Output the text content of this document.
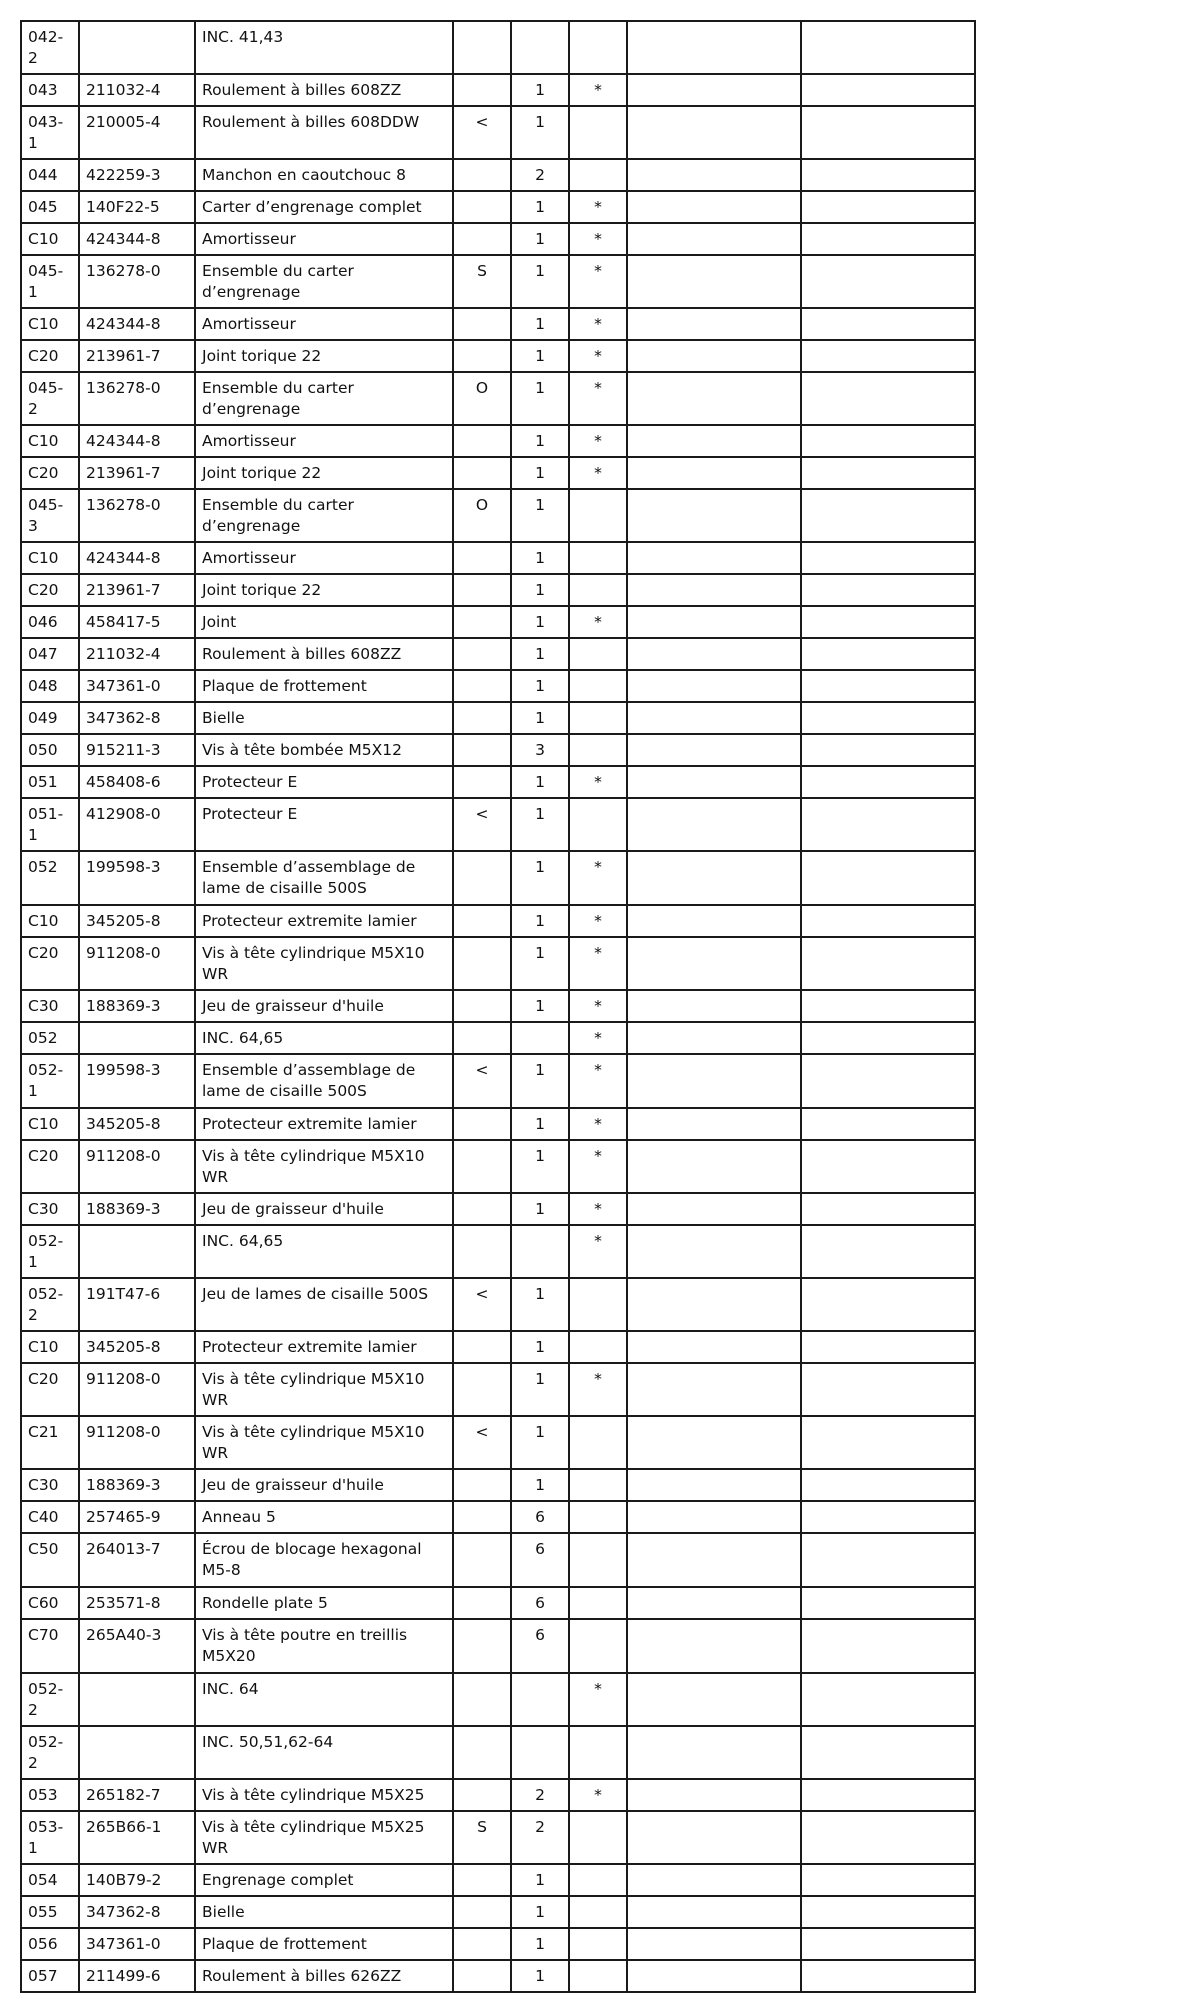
042-2		INC. 41,43					
043	211032-4	Roulement à billes 608ZZ		1	*		
043-1	210005-4	Roulement à billes 608DDW	<	1			
044	422259-3	Manchon en caoutchouc 8		2			
045	140F22-5	Carter d’engrenage complet		1	*		
C10	424344-8	Amortisseur		1	*		
045-1	136278-0	Ensemble du carter d’engrenage	S	1	*		
C10	424344-8	Amortisseur		1	*		
C20	213961-7	Joint torique 22		1	*		
045-2	136278-0	Ensemble du carter d’engrenage	O	1	*		
C10	424344-8	Amortisseur		1	*		
C20	213961-7	Joint torique 22		1	*		
045-3	136278-0	Ensemble du carter d’engrenage	O	1			
C10	424344-8	Amortisseur		1			
C20	213961-7	Joint torique 22		1			
046	458417-5	Joint		1	*		
047	211032-4	Roulement à billes 608ZZ		1			
048	347361-0	Plaque de frottement		1			
049	347362-8	Bielle		1			
050	915211-3	Vis à tête bombée M5X12		3			
051	458408-6	Protecteur E		1	*		
051-1	412908-0	Protecteur E	<	1			
052	199598-3	Ensemble d’assemblage de lame de cisaille 500S		1	*		
C10	345205-8	Protecteur extremite lamier		1	*		
C20	911208-0	Vis à tête cylindrique M5X10 WR		1	*		
C30	188369-3	Jeu de graisseur d'huile		1	*		
052		INC. 64,65			*		
052-1	199598-3	Ensemble d’assemblage de lame de cisaille 500S	<	1	*		
C10	345205-8	Protecteur extremite lamier		1	*		
C20	911208-0	Vis à tête cylindrique M5X10 WR		1	*		
C30	188369-3	Jeu de graisseur d'huile		1	*		
052-1		INC. 64,65			*		
052-2	191T47-6	Jeu de lames de cisaille 500S	<	1			
C10	345205-8	Protecteur extremite lamier		1			
C20	911208-0	Vis à tête cylindrique M5X10 WR		1	*		
C21	911208-0	Vis à tête cylindrique M5X10 WR	<	1			
C30	188369-3	Jeu de graisseur d'huile		1			
C40	257465-9	Anneau 5		6			
C50	264013-7	Écrou de blocage hexagonal M5-8		6			
C60	253571-8	Rondelle plate 5		6			
C70	265A40-3	Vis à tête poutre en treillis M5X20		6			
052-2		INC. 64			*		
052-2		INC. 50,51,62-64					
053	265182-7	Vis à tête cylindrique M5X25		2	*		
053-1	265B66-1	Vis à tête cylindrique M5X25 WR	S	2			
054	140B79-2	Engrenage complet		1			
055	347362-8	Bielle		1			
056	347361-0	Plaque de frottement		1			
057	211499-6	Roulement à billes 626ZZ		1			
